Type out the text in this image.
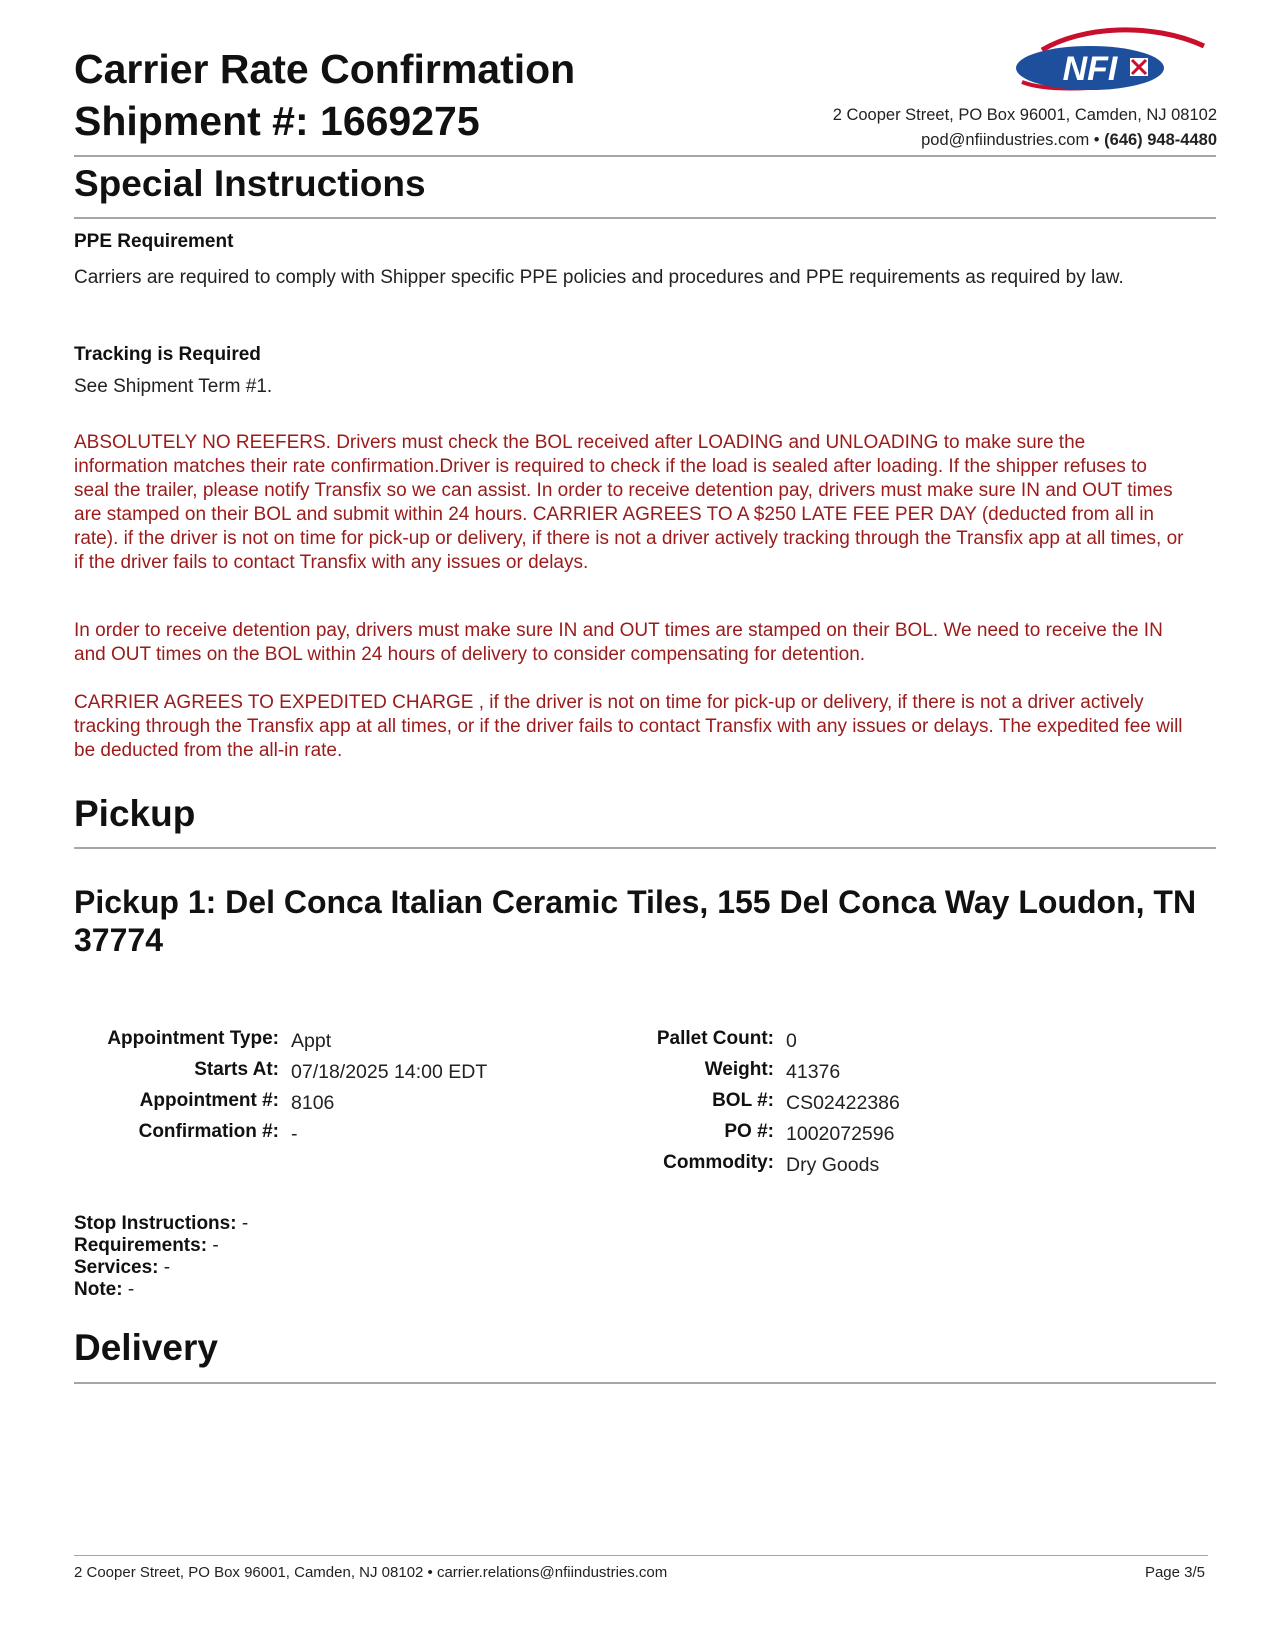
Carrier Rate Confirmation
Shipment #: 1669275
NFI
2 Cooper Street, PO Box 96001, Camden, NJ 08102
pod@nfiindustries.com • (646) 948-4480
Special Instructions
PPE Requirement
Carriers are required to comply with Shipper specific PPE policies and procedures and PPE requirements as required by law.
Tracking is Required
See Shipment Term #1.
ABSOLUTELY NO REEFERS. Drivers must check the BOL received after LOADING and UNLOADING to make sure the information matches their rate confirmation.Driver is required to check if the load is sealed after loading. If the shipper refuses to seal the trailer, please notify Transfix so we can assist. In order to receive detention pay, drivers must make sure IN and OUT times are stamped on their BOL and submit within 24 hours. CARRIER AGREES TO A $250 LATE FEE PER DAY (deducted from all in rate). if the driver is not on time for pick-up or delivery, if there is not a driver actively tracking through the Transfix app at all times, or if the driver fails to contact Transfix with any issues or delays.
In order to receive detention pay, drivers must make sure IN and OUT times are stamped on their BOL. We need to receive the IN and OUT times on the BOL within 24 hours of delivery to consider compensating for detention.
CARRIER AGREES TO EXPEDITED CHARGE , if the driver is not on time for pick-up or delivery, if there is not a driver actively tracking through the Transfix app at all times, or if the driver fails to contact Transfix with any issues or delays. The expedited fee will be deducted from the all-in rate.
Pickup
Pickup 1: Del Conca Italian Ceramic Tiles, 155 Del Conca Way Loudon, TN 37774
Appointment Type: Appt
Starts At: 07/18/2025 14:00 EDT
Appointment #: 8106
Confirmation #: -
Pallet Count: 0
Weight: 41376
BOL #: CS02422386
PO #: 1002072596
Commodity: Dry Goods
Stop Instructions: -
Requirements: -
Services: -
Note: -
Delivery
2 Cooper Street, PO Box 96001, Camden, NJ 08102 • carrier.relations@nfiindustries.com	Page 3/5
